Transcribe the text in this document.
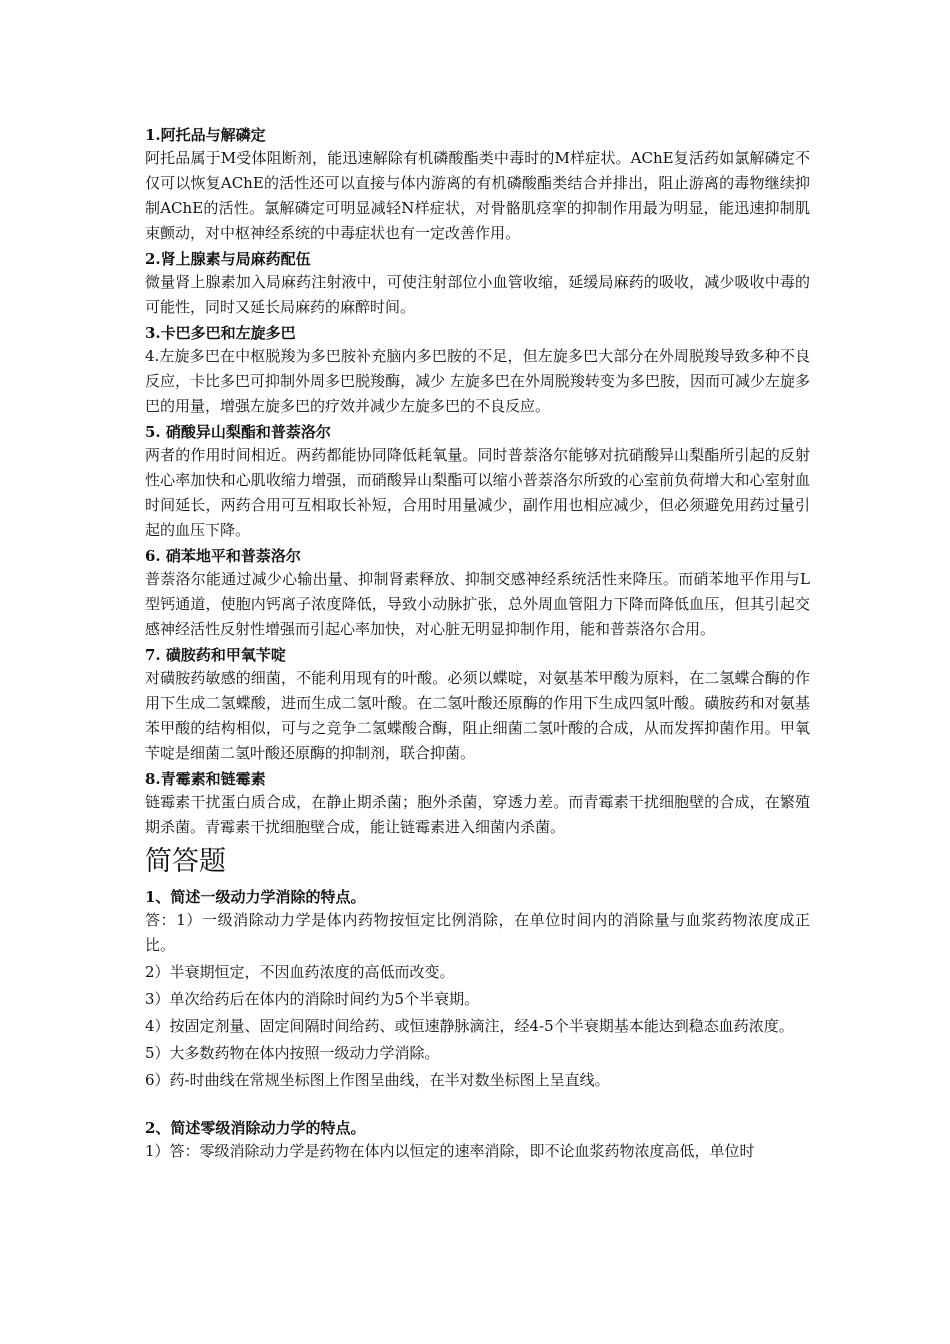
1.阿托品与解磷定

阿托品属于M受体阻断剂，能迅速解除有机磷酸酯类中毒时的M样症状。AChE复活药如氯解磷定不仅可以恢复AChE的活性还可以直接与体内游离的有机磷酸酯类结合并排出，阻止游离的毒物继续抑制AChE的活性。氯解磷定可明显减轻N样症状，对骨骼肌痉挛的抑制作用最为明显，能迅速抑制肌束颤动，对中枢神经系统的中毒症状也有一定改善作用。

2.肾上腺素与局麻药配伍

微量肾上腺素加入局麻药注射液中，可使注射部位小血管收缩，延缓局麻药的吸收，减少吸收中毒的可能性，同时又延长局麻药的麻醉时间。

3.卡巴多巴和左旋多巴

4.左旋多巴在中枢脱羧为多巴胺补充脑内多巴胺的不足，但左旋多巴大部分在外周脱羧导致多种不良反应，卡比多巴可抑制外周多巴脱羧酶，减少 左旋多巴在外周脱羧转变为多巴胺，因而可减少左旋多巴的用量，增强左旋多巴的疗效并减少左旋多巴的不良反应。

5. 硝酸异山梨酯和普萘洛尔

两者的作用时间相近。两药都能协同降低耗氧量。同时普萘洛尔能够对抗硝酸异山梨酯所引起的反射性心率加快和心肌收缩力增强，而硝酸异山梨酯可以缩小普萘洛尔所致的心室前负荷增大和心室射血时间延长，两药合用可互相取长补短，合用时用量减少，副作用也相应减少，但必须避免用药过量引起的血压下降。

6. 硝苯地平和普萘洛尔

普萘洛尔能通过减少心输出量、抑制肾素释放、抑制交感神经系统活性来降压。而硝苯地平作用与L型钙通道，使胞内钙离子浓度降低，导致小动脉扩张，总外周血管阻力下降而降低血压，但其引起交感神经活性反射性增强而引起心率加快，对心脏无明显抑制作用，能和普萘洛尔合用。

7. 磺胺药和甲氧苄啶

对磺胺药敏感的细菌，不能利用现有的叶酸。必须以蝶啶，对氨基苯甲酸为原料，在二氢蝶合酶的作用下生成二氢蝶酸，进而生成二氢叶酸。在二氢叶酸还原酶的作用下生成四氢叶酸。磺胺药和对氨基苯甲酸的结构相似，可与之竞争二氢蝶酸合酶，阻止细菌二氢叶酸的合成，从而发挥抑菌作用。甲氧苄啶是细菌二氢叶酸还原酶的抑制剂，联合抑菌。

8.青霉素和链霉素

链霉素干扰蛋白质合成，在静止期杀菌；胞外杀菌，穿透力差。而青霉素干扰细胞壁的合成，在繁殖期杀菌。青霉素干扰细胞壁合成，能让链霉素进入细菌内杀菌。

简答题

1、简述一级动力学消除的特点。

答：1）一级消除动力学是体内药物按恒定比例消除，在单位时间内的消除量与血浆药物浓度成正比。

2）半衰期恒定，不因血药浓度的高低而改变。

3）单次给药后在体内的消除时间约为5个半衰期。

4）按固定剂量、固定间隔时间给药、或恒速静脉滴注，经4-5个半衰期基本能达到稳态血药浓度。

5）大多数药物在体内按照一级动力学消除。

6）药-时曲线在常规坐标图上作图呈曲线，在半对数坐标图上呈直线。

2、简述零级消除动力学的特点。

1）答：零级消除动力学是药物在体内以恒定的速率消除，即不论血浆药物浓度高低，单位时
